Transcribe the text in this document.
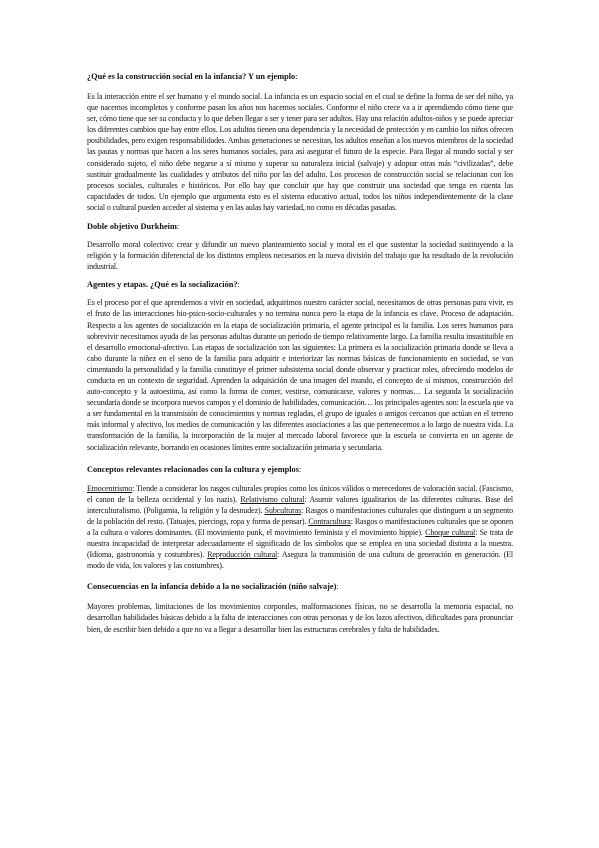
¿Qué es la construcción social en la infancia? Y un ejemplo:

Es la interacción entre el ser humano y el mundo social. La infancia es un espacio social en el cual se define la forma de ser del niño, ya que nacemos incompletos y conforme pasan los años nos hacemos sociales. Conforme el niño crece va a ir aprendiendo cómo tiene que ser, cómo tiene que ser su conducta y lo que deben llegar a ser y tener para ser adultos. Hay una relación adultos-niños y se puede apreciar los diferentes cambios que hay entre ellos. Los adultos tienen una dependencia y la necesidad de protección y en cambio los niños ofrecen posibilidades, pero exigen responsabilidades. Ambas generaciones se necesitan, los adultos enseñan a los nuevos miembros de la sociedad las pautas y normas que hacen a los seres humanos sociales, para así asegurar el futuro de la especie. Para llegar al mundo social y ser considerado sujeto, el niño debe negarse a sí mismo y superar su naturaleza inicial (salvaje) y adoptar otras más “civilizadas”, debe sustituir gradualmente las cualidades y atributos del niño por las del adulto. Los procesos de construcción social se relacionan con los procesos sociales, culturales e históricos. Por ello hay que concluir que hay que construir una sociedad que tenga en cuenta las capacidades de todos. Un ejemplo que argumenta esto es el sistema educativo actual, todos los niños independientemente de la clase social o cultural pueden acceder al sistema y en las aulas hay variedad, no como en décadas pasadas.

Doble objetivo Durkheim:

Desarrollo moral colectivo: crear y difundir un nuevo planteamiento social y moral en el que sustentar la sociedad sustituyendo a la religión y la formación diferencial de los distintos empleos necesarios en la nueva división del trabajo que ha resultado de la revolución industrial.

Agentes y etapas. ¿Qué es la socialización?:

Es el proceso por el que aprendemos a vivir en sociedad, adquirimos nuestro carácter social, necesitamos de otras personas para vivir, es el fruto de las interacciones bio-psico-socio-culturales y no termina nunca pero la etapa de la infancia es clave. Proceso de adaptación. Respecto a los agentes de socialización en la etapa de socialización primaria, el agente principal es la familia. Los seres humanos para sobrevivir necesitamos ayuda de las personas adultas durante un periodo de tiempo relativamente largo. La familia resulta insustituible en el desarrollo emocional-afectivo. Las etapas de socialización son las siguientes: La primera es la socialización primaria donde se lleva a cabo durante la niñez en el seno de la familia para adquirir e interiorizar las normas básicas de funcionamiento en sociedad, se van cimentando la personalidad y la familia constituye el primer subsistema social donde observar y practicar roles, ofreciendo modelos de conducta en un contexto de seguridad. Aprenden la adquisición de una imagen del mundo, el concepto de sí mismos, construcción del auto-concepto y la autoestima, así como la forma de comer, vestirse, comunicarse, valores y normas… La segunda la socialización secundaria donde se incorpora nuevos campos y el dominio de habilidades, comunicación… los principales agentes son: la escuela que va a ser fundamental en la transmisión de conocimientos y normas regladas, el grupo de iguales o amigos cercanos que actúan en el terreno más informal y afectivo, los medios de comunicación y las diferentes asociaciones a las que pertenecemos a lo largo de nuestra vida. La transformación de la familia, la incorporación de la mujer al mercado laboral favorece que la escuela se convierta en un agente de socialización relevante, borrando en ocasiones límites entre socialización primaria y secundaria.

Conceptos relevantes relacionados con la cultura y ejemplos:

Etnocentrismo: Tiende a considerar los rasgos culturales propios como los únicos válidos o merecedores de valoración social. (Fascismo, el canon de la belleza occidental y los nazis). Relativismo cultural: Asumir valores igualitarios de las diferentes culturas. Base del interculturalismo. (Poligamia, la religión y la desnudez). Subculturas: Rasgos o manifestaciones culturales que distinguen a un segmento de la población del resto. (Tatuajes, piercings, ropa y forma de pensar). Contracultura: Rasgos o manifestaciones culturales que se oponen a la cultura o valores dominantes. (El movimiento punk, el movimiento feminista y el movimiento hippie). Choque cultural: Se trata de nuestra incapacidad de interpretar adecuadamente el significado de los símbolos que se emplea en una sociedad distinta a la nuestra. (Idioma, gastronomía y costumbres). Reproducción cultural: Asegura la transmisión de una cultura de generación en generación. (El modo de vida, los valores y las costumbres).

Consecuencias en la infancia debido a la no socialización (niño salvaje):

Mayores problemas, limitaciones de los movimientos corporales, malformaciones físicas, no se desarrolla la memoria espacial, no desarrollan habilidades básicas debido a la falta de interacciones con otras personas y de los lazos afectivos, dificultades para pronunciar bien, de escribir bien debido a que no va a llegar a desarrollar bien las estructuras cerebrales y falta de habilidades.
